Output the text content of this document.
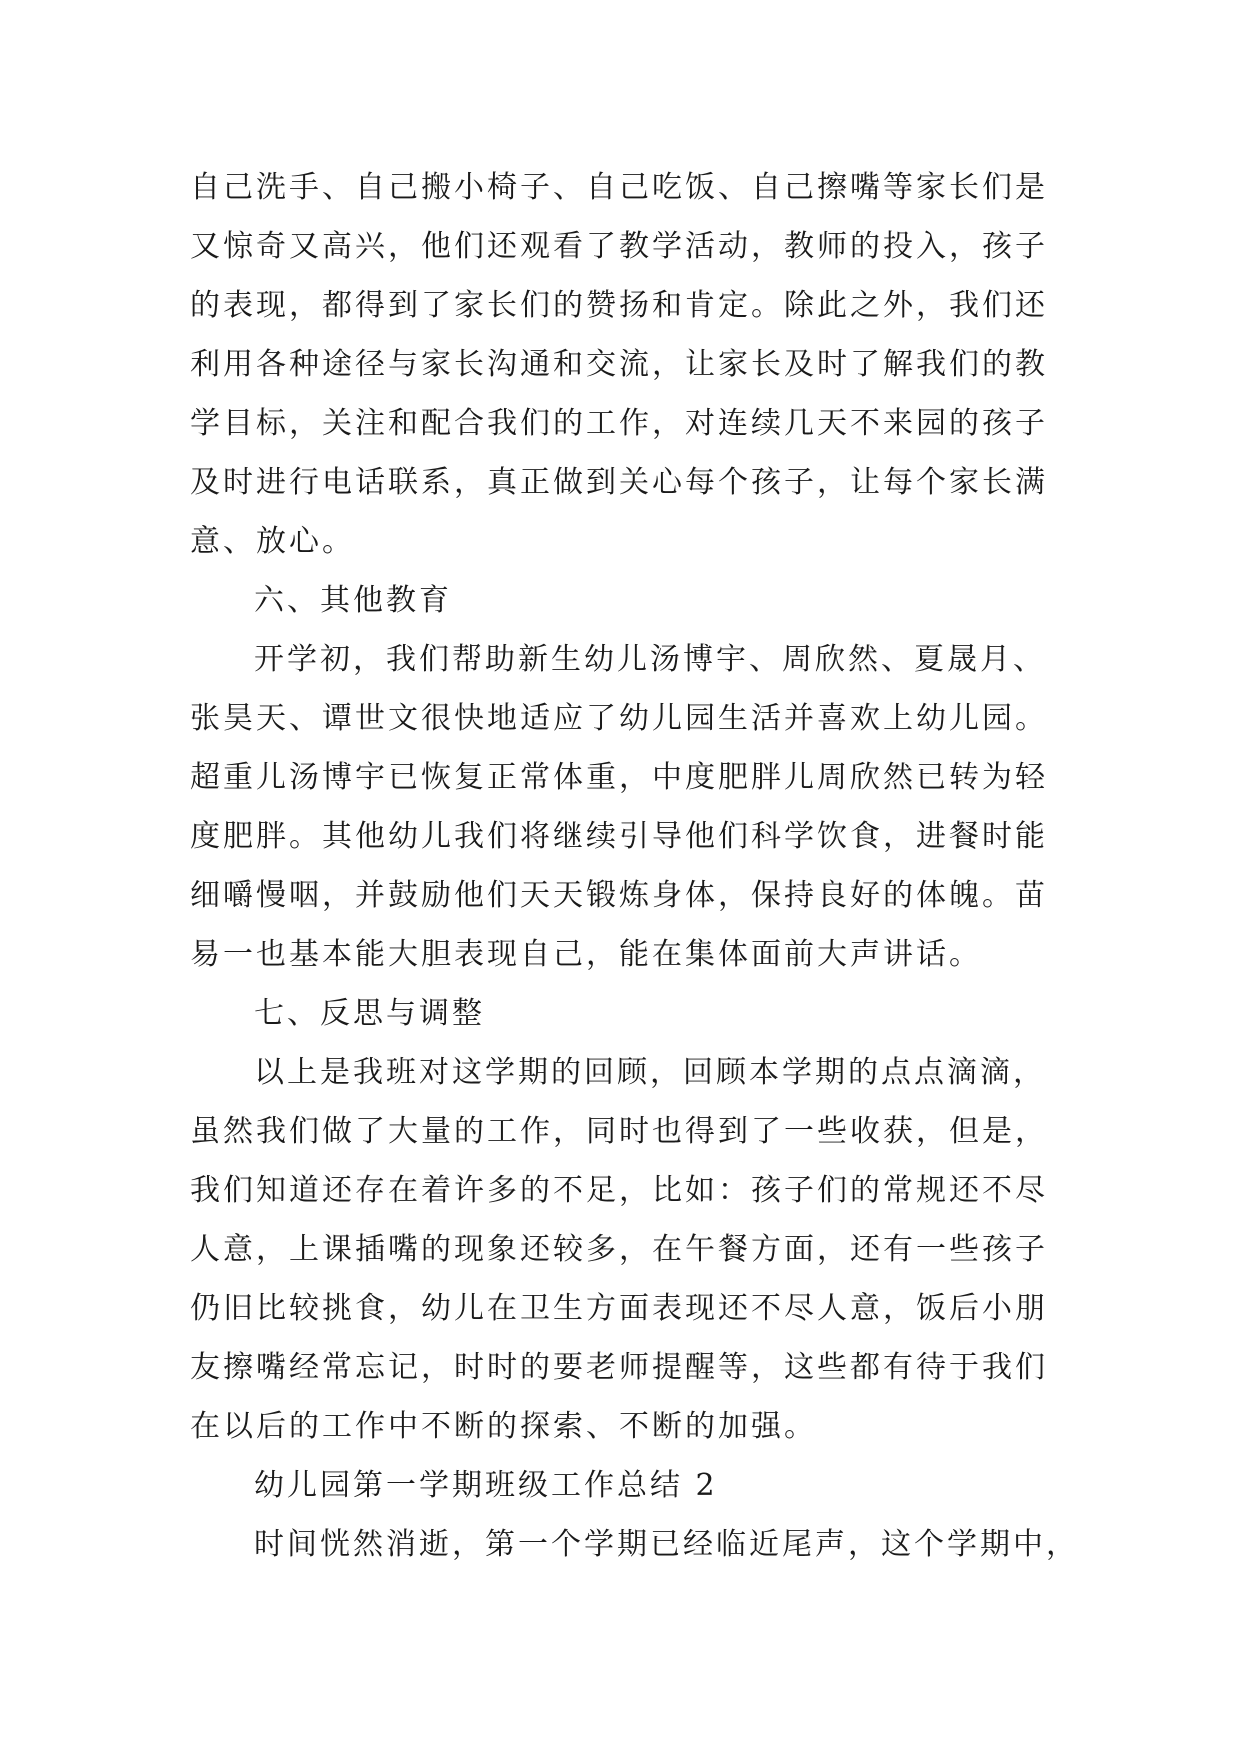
自己洗手、自己搬小椅子、自己吃饭、自己擦嘴等家长们是
又惊奇又高兴，他们还观看了教学活动，教师的投入，孩子
的表现，都得到了家长们的赞扬和肯定。除此之外，我们还
利用各种途径与家长沟通和交流，让家长及时了解我们的教
学目标，关注和配合我们的工作，对连续几天不来园的孩子
及时进行电话联系，真正做到关心每个孩子，让每个家长满
意、放心。
六、其他教育
开学初，我们帮助新生幼儿汤博宇、周欣然、夏晟月、
张昊天、谭世文很快地适应了幼儿园生活并喜欢上幼儿园。
超重儿汤博宇已恢复正常体重，中度肥胖儿周欣然已转为轻
度肥胖。其他幼儿我们将继续引导他们科学饮食，进餐时能
细嚼慢咽，并鼓励他们天天锻炼身体，保持良好的体魄。苗
易一也基本能大胆表现自己，能在集体面前大声讲话。
七、反思与调整
以上是我班对这学期的回顾，回顾本学期的点点滴滴，
虽然我们做了大量的工作，同时也得到了一些收获，但是，
我们知道还存在着许多的不足，比如：孩子们的常规还不尽
人意，上课插嘴的现象还较多，在午餐方面，还有一些孩子
仍旧比较挑食，幼儿在卫生方面表现还不尽人意，饭后小朋
友擦嘴经常忘记，时时的要老师提醒等，这些都有待于我们
在以后的工作中不断的探索、不断的加强。
幼儿园第一学期班级工作总结 2
时间恍然消逝，第一个学期已经临近尾声，这个学期中，
